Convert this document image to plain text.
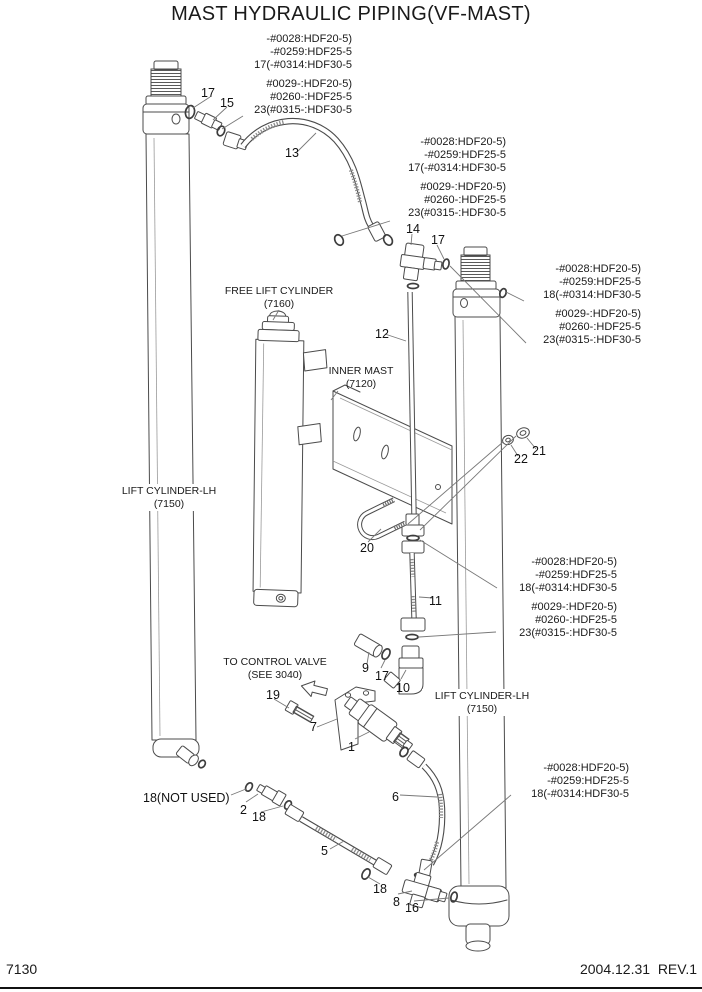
MAST HYDRAULIC PIPING(VF-MAST)
-#0028:HDF20-5)
-#0259:HDF25-5
17(-#0314:HDF30-5
#0029-:HDF20-5)
#0260-:HDF25-5
23(#0315-:HDF30-5
-#0028:HDF20-5)
-#0259:HDF25-5
17(-#0314:HDF30-5
#0029-:HDF20-5)
#0260-:HDF25-5
23(#0315-:HDF30-5
-#0028:HDF20-5)
-#0259:HDF25-5
18(-#0314:HDF30-5
#0029-:HDF20-5)
#0260-:HDF25-5
23(#0315-:HDF30-5
-#0028:HDF20-5)
-#0259:HDF25-5
18(-#0314:HDF30-5
#0029-:HDF20-5)
#0260-:HDF25-5
23(#0315-:HDF30-5
-#0028:HDF20-5)
-#0259:HDF25-5
18(-#0314:HDF30-5
FREE LIFT CYLINDER
(7160)
INNER MAST
(7120)
LIFT CYLINDER-LH
(7150)
LIFT CYLINDER-LH
(7150)
TO CONTROL VALVE
(SEE 3040)
17
15
13
14
17
12
21
22
20
11
9
17
10
19
7
1
6
18(NOT USED)
2 18
5
18
8 16
7130	2004.12.31  REV.1
